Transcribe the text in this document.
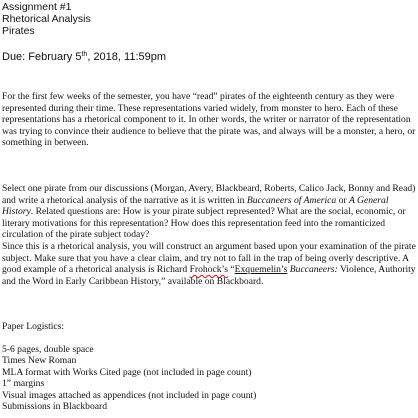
Assignment #1
Rhetorical Analysis
Pirates
Due: February 5th, 2018, 11:59pm

For the first few weeks of the semester, you have “read” pirates of the eighteenth century as they were represented during their time. These representations varied widely, from monster to hero. Each of these representations has a rhetorical component to it. In other words, the writer or narrator of the representation was trying to convince their audience to believe that the pirate was, and always will be a monster, a hero, or something in between.

Select one pirate from our discussions (Morgan, Avery, Blackbeard, Roberts, Calico Jack, Bonny and Read) and write a rhetorical analysis of the narrative as it is written in Buccaneers of America or A General History. Related questions are: How is your pirate subject represented? What are the social, economic, or literary motivations for this representation? How does this representation feed into the romanticized circulation of the pirate subject today?

Since this is a rhetorical analysis, you will construct an argument based upon your examination of the pirate subject. Make sure that you have a clear claim, and try not to fall in the trap of being overly descriptive. A good example of a rhetorical analysis is Richard Frohock’s “Exquemelin’s Buccaneers: Violence, Authority and the Word in Early Caribbean History,” available on Blackboard.

Paper Logistics:
5-6 pages, double space
Times New Roman
MLA format with Works Cited page (not included in page count)
1” margins
Visual images attached as appendices (not included in page count)
Submissions in Blackboard
